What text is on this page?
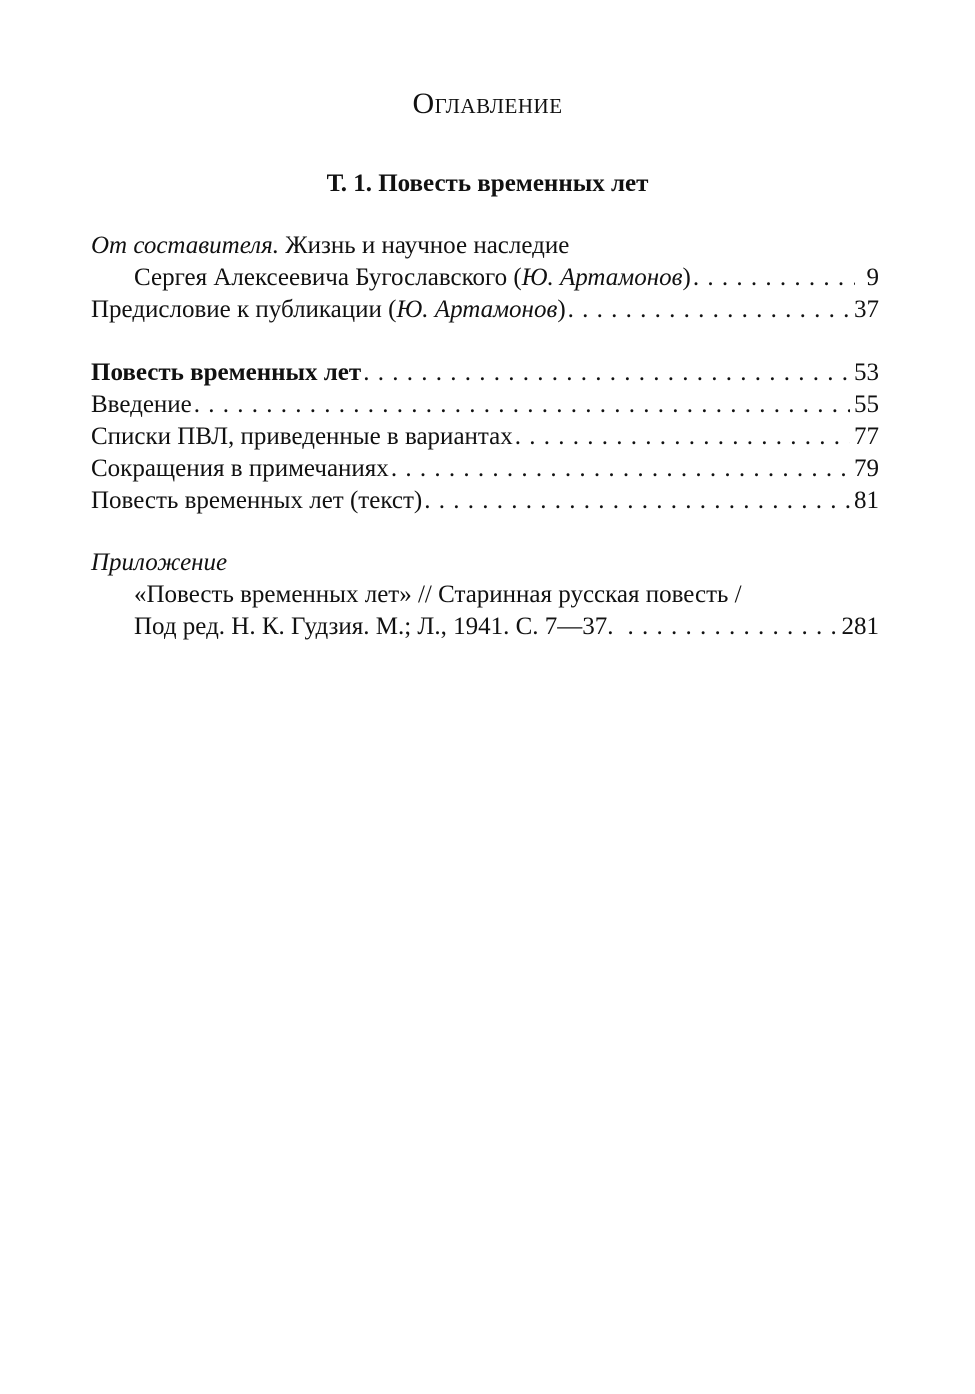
Оглавление
Т. 1. Повесть временных лет
От составителя. Жизнь и научное наследие
Сергея Алексеевича Бугославского (Ю. Артамонов) . . .	9
Предисловие к публикации (Ю. Артамонов) . . .	37
Повесть временных лет . . .	53
Введение . . .	55
Списки ПВЛ, приведенные в вариантах . . .	77
Сокращения в примечаниях . . .	79
Повесть временных лет (текст) . . .	81
Приложение
«Повесть временных лет» // Старинная русская повесть /
Под ред. Н. К. Гудзия. М.; Л., 1941. С. 7—37. . . .	281
